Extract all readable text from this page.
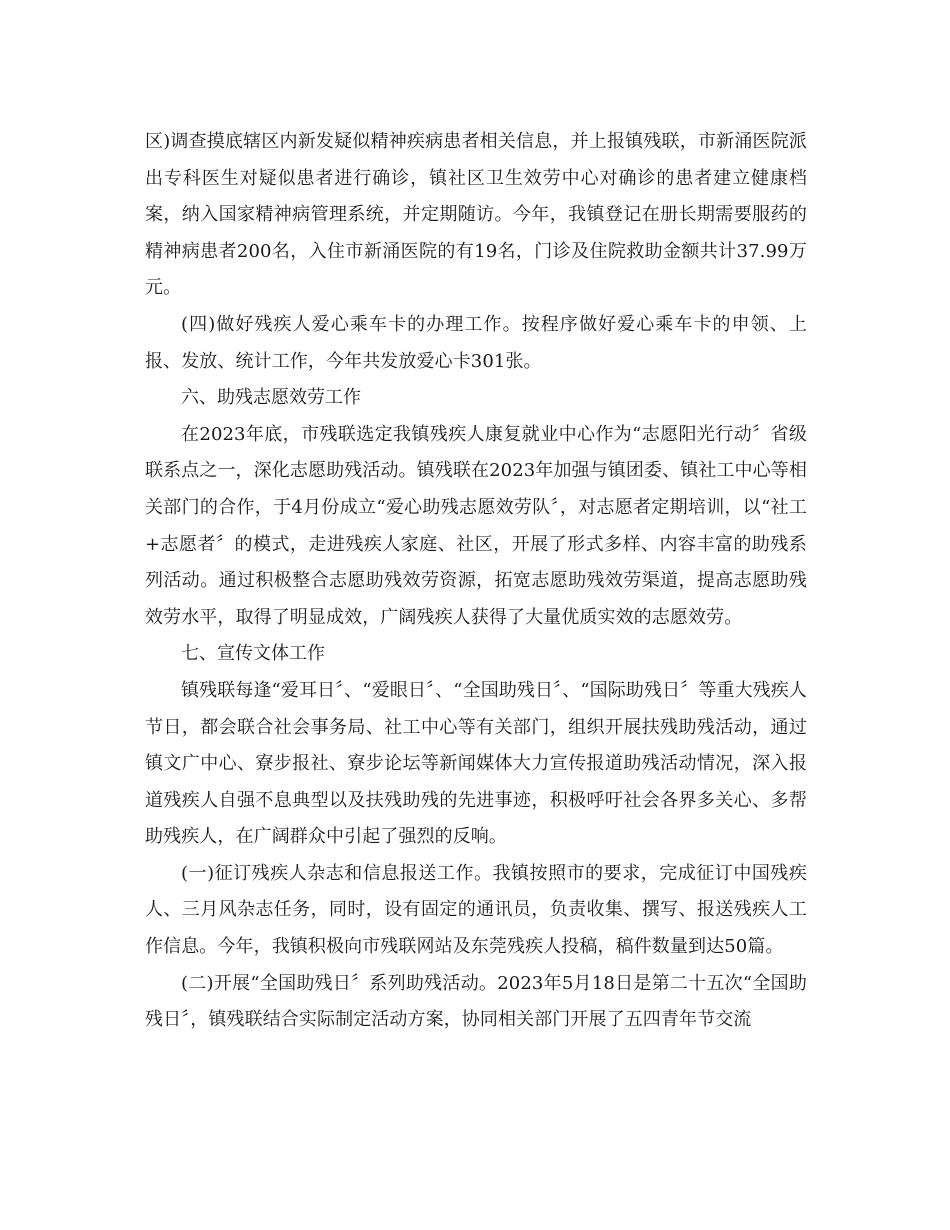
区)调查摸底辖区内新发疑似精神疾病患者相关信息，并上报镇残联，市新涌医院派出专科医生对疑似患者进行确诊，镇社区卫生效劳中心对确诊的患者建立健康档案，纳入国家精神病管理系统，并定期随访。今年，我镇登记在册长期需要服药的精神病患者200名，入住市新涌医院的有19名，门诊及住院救助金额共计37.99万元。

(四)做好残疾人爱心乘车卡的办理工作。按程序做好爱心乘车卡的申领、上报、发放、统计工作，今年共发放爱心卡301张。

六、助残志愿效劳工作

在2023年底，市残联选定我镇残疾人康复就业中心作为“志愿阳光行动〞省级联系点之一，深化志愿助残活动。镇残联在2023年加强与镇团委、镇社工中心等相关部门的合作，于4月份成立“爱心助残志愿效劳队〞，对志愿者定期培训，以“社工+志愿者〞的模式，走进残疾人家庭、社区，开展了形式多样、内容丰富的助残系列活动。通过积极整合志愿助残效劳资源，拓宽志愿助残效劳渠道，提高志愿助残效劳水平，取得了明显成效，广阔残疾人获得了大量优质实效的志愿效劳。

七、宣传文体工作

镇残联每逢“爱耳日〞、“爱眼日〞、“全国助残日〞、“国际助残日〞等重大残疾人节日，都会联合社会事务局、社工中心等有关部门，组织开展扶残助残活动，通过镇文广中心、寮步报社、寮步论坛等新闻媒体大力宣传报道助残活动情况，深入报道残疾人自强不息典型以及扶残助残的先进事迹，积极呼吁社会各界多关心、多帮助残疾人，在广阔群众中引起了强烈的反响。

(一)征订残疾人杂志和信息报送工作。我镇按照市的要求，完成征订中国残疾人、三月风杂志任务，同时，设有固定的通讯员，负责收集、撰写、报送残疾人工作信息。今年，我镇积极向市残联网站及东莞残疾人投稿，稿件数量到达50篇。

(二)开展“全国助残日〞系列助残活动。2023年5月18日是第二十五次“全国助残日〞，镇残联结合实际制定活动方案，协同相关部门开展了五四青年节交流
